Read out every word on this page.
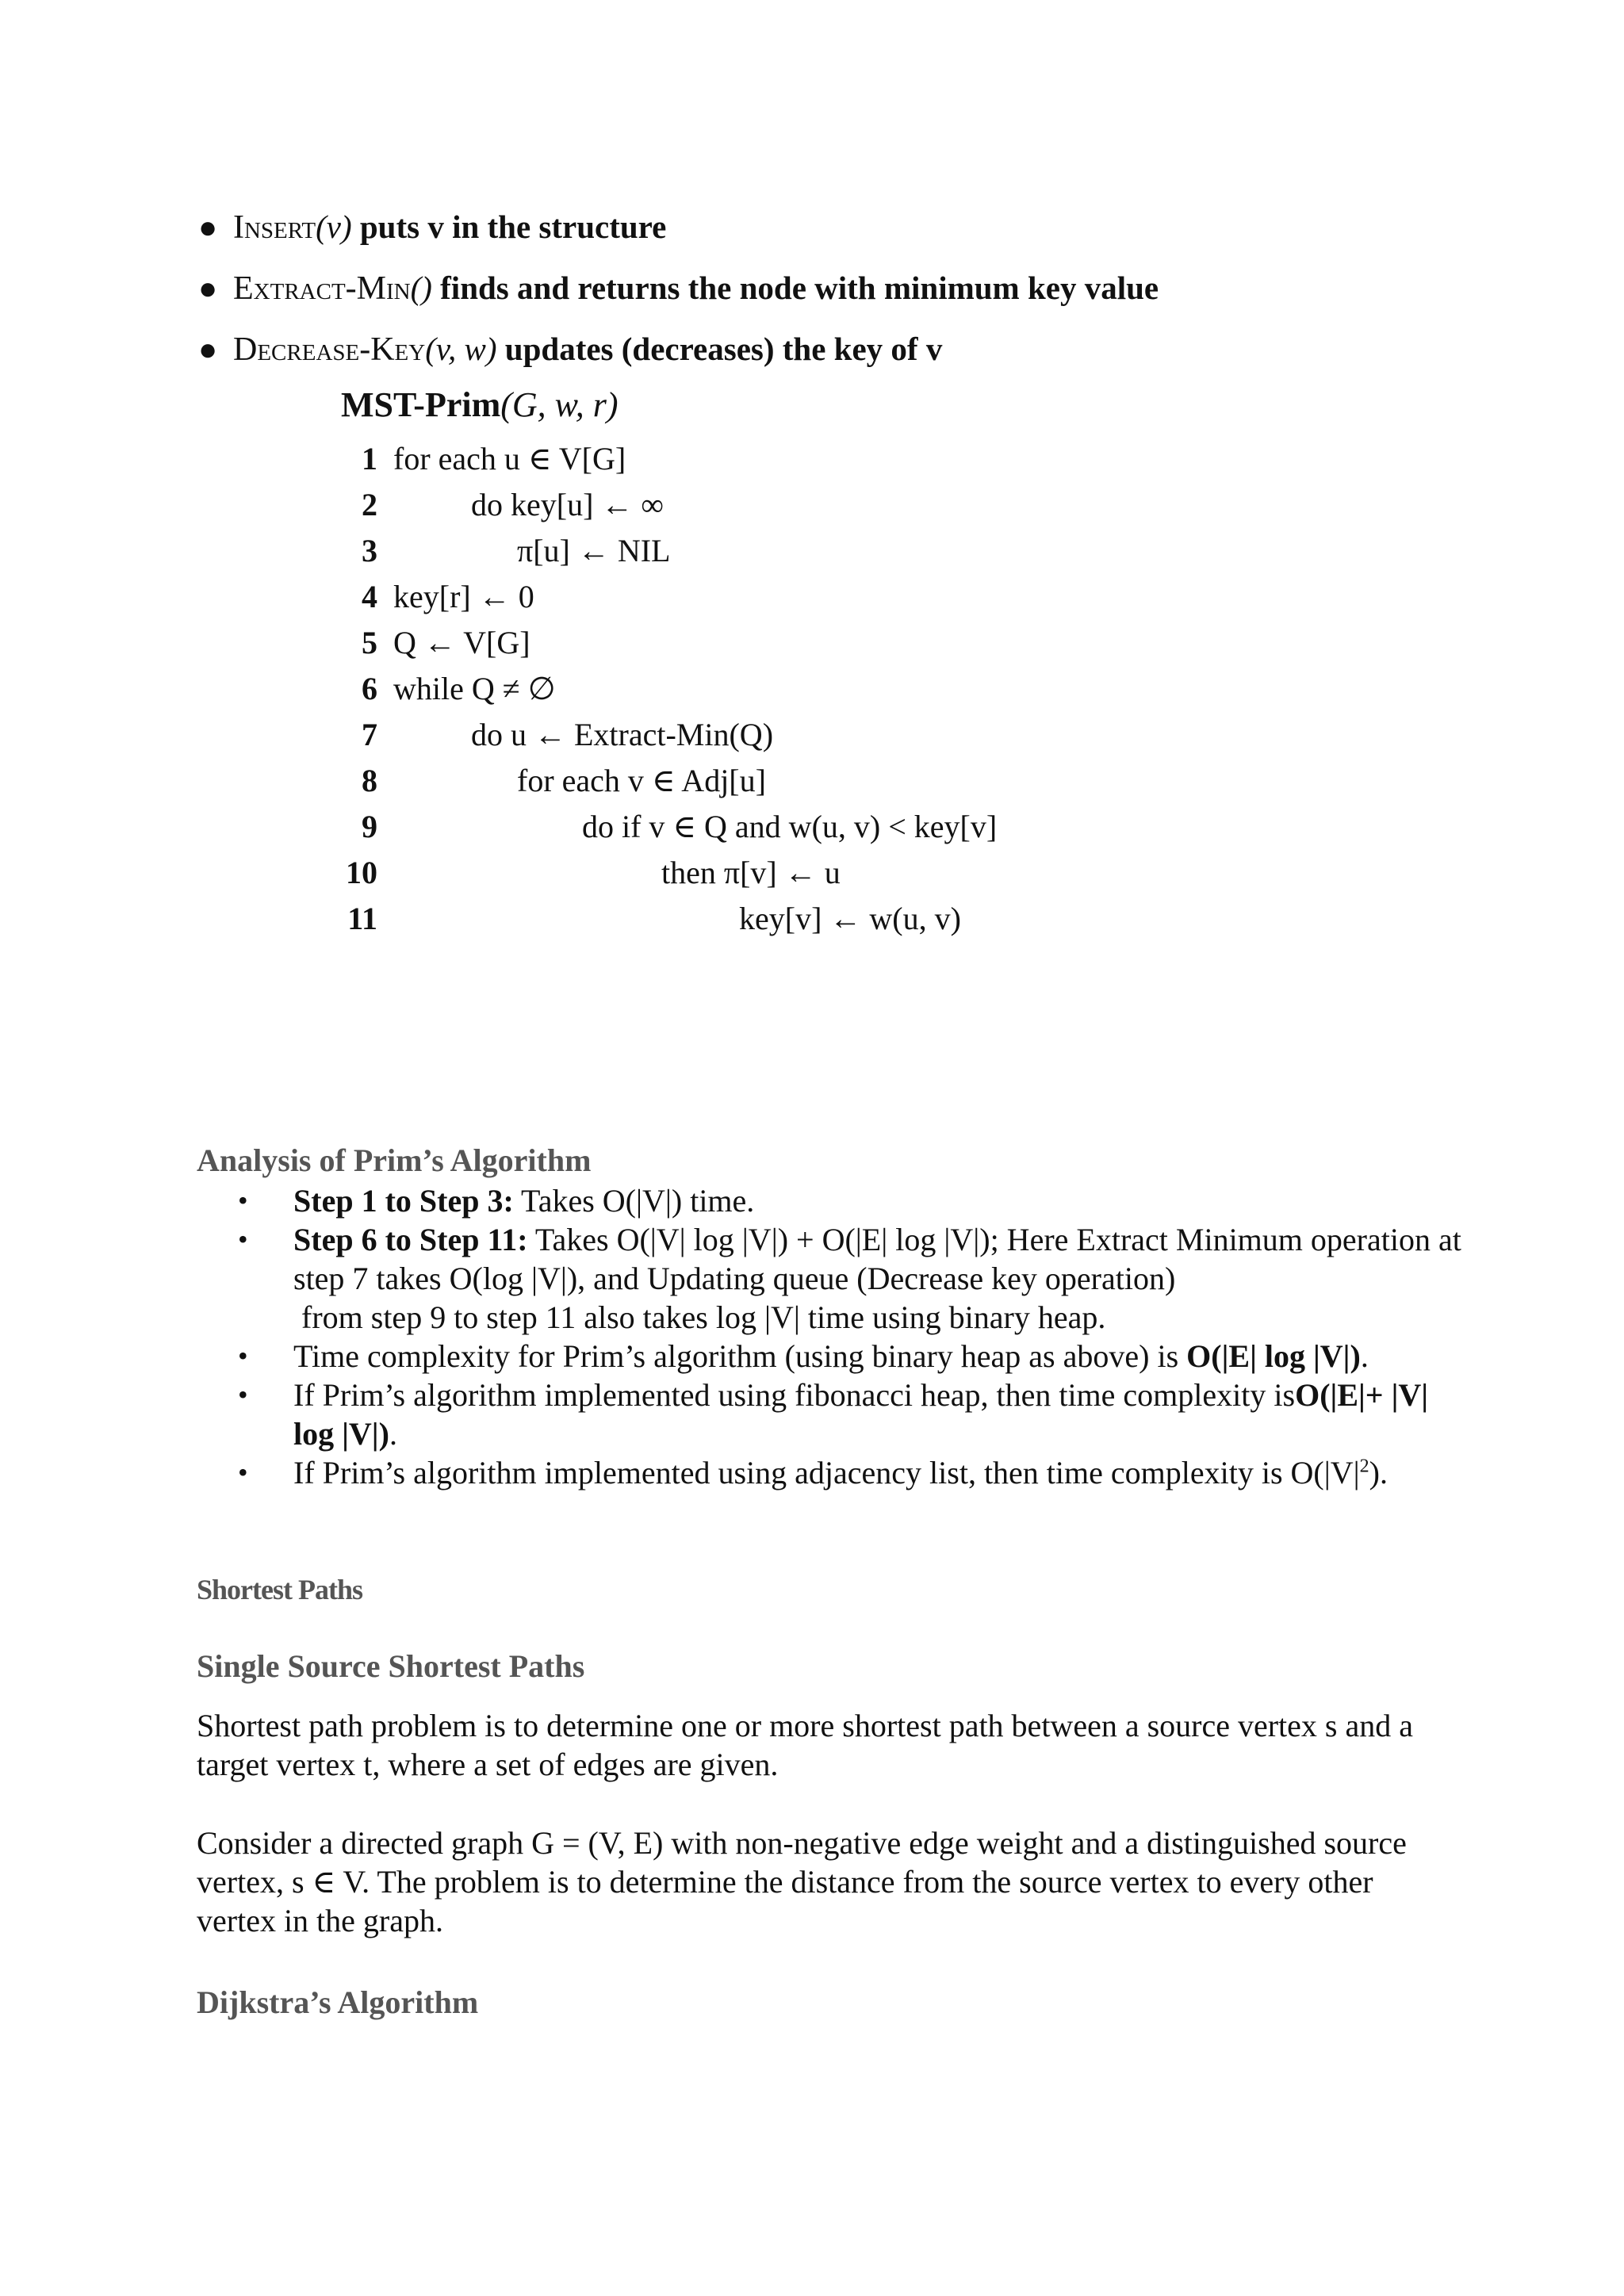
● Insert(v) puts v in the structure
● Extract-Min() finds and returns the node with minimum key value
● Decrease-Key(v, w) updates (decreases) the key of v
MST-Prim(G, w, r)
1 for each u ∈ V[G]
2	do key[u] ← ∞
3	π[u] ← NIL
4 key[r] ← 0
5 Q ← V[G]
6 while Q ≠ ∅
7	do u ← Extract-Min(Q)
8	for each v ∈ Adj[u]
9	do if v ∈ Q and w(u, v) < key[v]
10	then π[v] ← u
11	key[v] ← w(u, v)
Analysis of Prim’s Algorithm
• Step 1 to Step 3: Takes O(|V|) time.
• Step 6 to Step 11: Takes O(|V| log |V|) + O(|E| log |V|); Here Extract Minimum operation at step 7 takes O(log |V|), and Updating queue (Decrease key operation)
from step 9 to step 11 also takes log |V| time using binary heap.
• Time complexity for Prim’s algorithm (using binary heap as above) is O(|E| log |V|).
• If Prim’s algorithm implemented using fibonacci heap, then time complexity isO(|E|+ |V| log |V|).
• If Prim’s algorithm implemented using adjacency list, then time complexity is $O(|V|^2)$.
Shortest Paths
Single Source Shortest Paths

Shortest path problem is to determine one or more shortest path between a source vertex s and a target vertex t, where a set of edges are given.

Consider a directed graph G = (V, E) with non-negative edge weight and a distinguished source vertex, s ∈ V. The problem is to determine the distance from the source vertex to every other vertex in the graph.

Dijkstra’s Algorithm
